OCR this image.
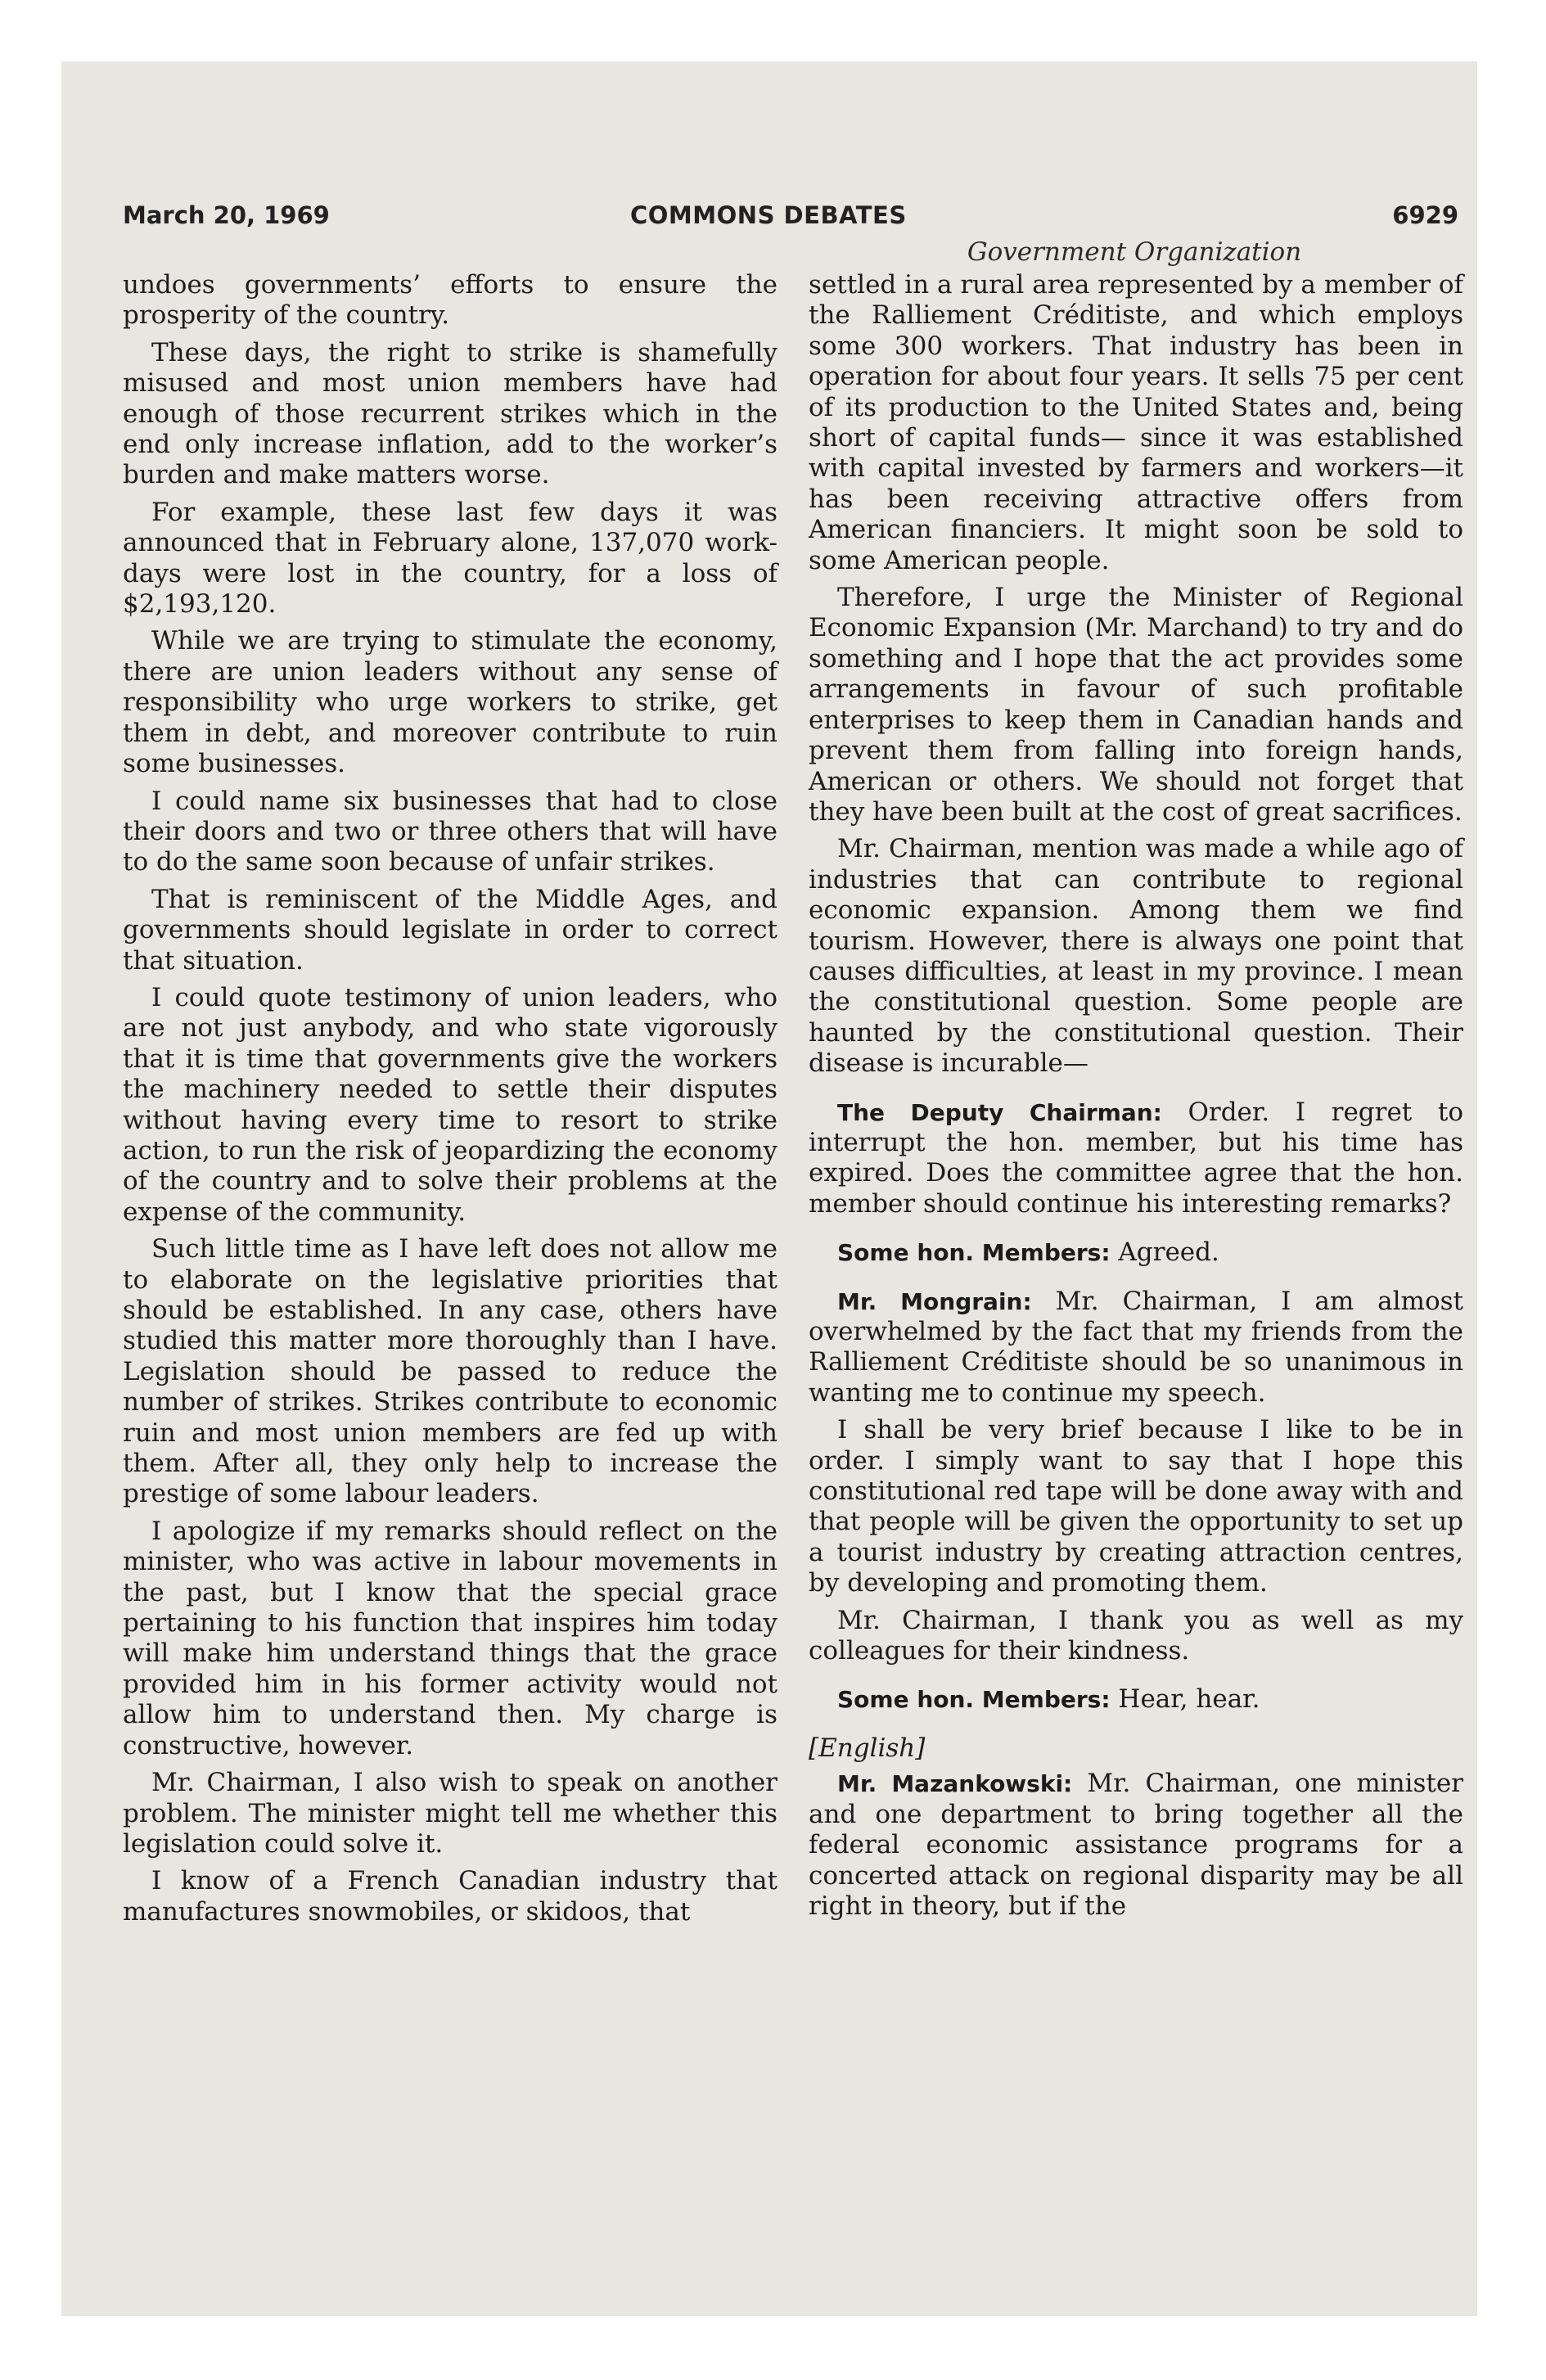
March 20, 1969	COMMONS DEBATES	6929
Government Organization

undoes governments’ efforts to ensure the prosperity of the country.

These days, the right to strike is shamefully misused and most union members have had enough of those recurrent strikes which in the end only increase inflation, add to the worker’s burden and make matters worse.

For example, these last few days it was announced that in February alone, 137,070 work-days were lost in the country, for a loss of $2,193,120.

While we are trying to stimulate the economy, there are union leaders without any sense of responsibility who urge workers to strike, get them in debt, and moreover contribute to ruin some businesses.

I could name six businesses that had to close their doors and two or three others that will have to do the same soon because of unfair strikes.

That is reminiscent of the Middle Ages, and governments should legislate in order to correct that situation.

I could quote testimony of union leaders, who are not just anybody, and who state vigorously that it is time that governments give the workers the machinery needed to settle their disputes without having every time to resort to strike action, to run the risk of jeopardizing the economy of the country and to solve their problems at the expense of the community.

Such little time as I have left does not allow me to elaborate on the legislative priorities that should be established. In any case, others have studied this matter more thoroughly than I have. Legislation should be passed to reduce the number of strikes. Strikes contribute to economic ruin and most union members are fed up with them. After all, they only help to increase the prestige of some labour leaders.

I apologize if my remarks should reflect on the minister, who was active in labour movements in the past, but I know that the special grace pertaining to his function that inspires him today will make him understand things that the grace provided him in his former activity would not allow him to understand then. My charge is constructive, however.

Mr. Chairman, I also wish to speak on another problem. The minister might tell me whether this legislation could solve it.

I know of a French Canadian industry that manufactures snowmobiles, or skidoos, that

settled in a rural area represented by a member of the Ralliement Créditiste, and which employs some 300 workers. That industry has been in operation for about four years. It sells 75 per cent of its production to the United States and, being short of capital funds— since it was established with capital invested by farmers and workers—it has been receiving attractive offers from American financiers. It might soon be sold to some American people.

Therefore, I urge the Minister of Regional Economic Expansion (Mr. Marchand) to try and do something and I hope that the act provides some arrangements in favour of such profitable enterprises to keep them in Canadian hands and prevent them from falling into foreign hands, American or others. We should not forget that they have been built at the cost of great sacrifices.

Mr. Chairman, mention was made a while ago of industries that can contribute to regional economic expansion. Among them we find tourism. However, there is always one point that causes difficulties, at least in my province. I mean the constitutional question. Some people are haunted by the constitutional question. Their disease is incurable—

The Deputy Chairman: Order. I regret to interrupt the hon. member, but his time has expired. Does the committee agree that the hon. member should continue his interesting remarks?

Some hon. Members: Agreed.

Mr. Mongrain: Mr. Chairman, I am almost overwhelmed by the fact that my friends from the Ralliement Créditiste should be so unanimous in wanting me to continue my speech.

I shall be very brief because I like to be in order. I simply want to say that I hope this constitutional red tape will be done away with and that people will be given the opportunity to set up a tourist industry by creating attraction centres, by developing and promoting them.

Mr. Chairman, I thank you as well as my colleagues for their kindness.

Some hon. Members: Hear, hear.

[English]

Mr. Mazankowski: Mr. Chairman, one minister and one department to bring together all the federal economic assistance programs for a concerted attack on regional disparity may be all right in theory, but if the
